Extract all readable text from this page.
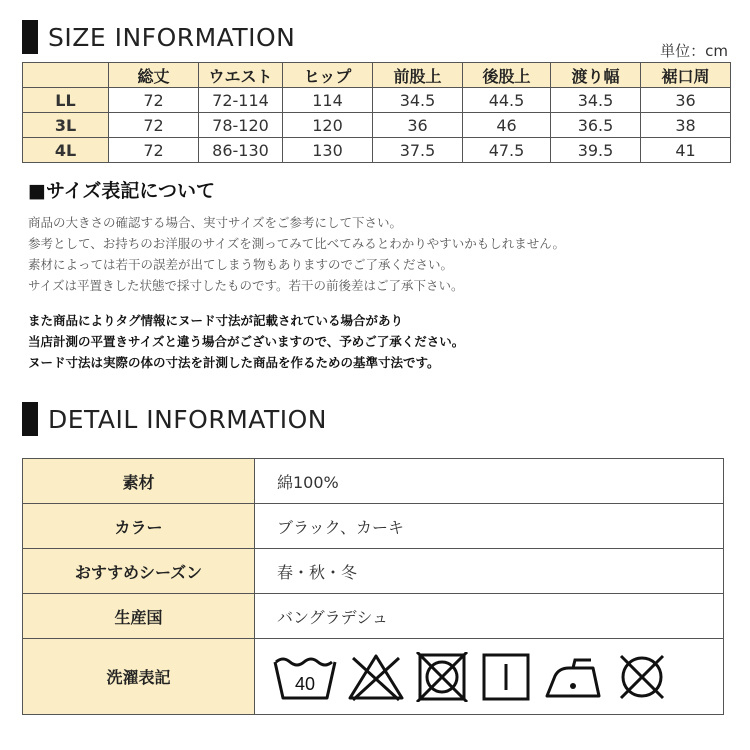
SIZE INFORMATION	単位：cm
	総丈	ウエスト	ヒップ	前股上	後股上	渡り幅	裾口周
LL	72	72-114	114	34.5	44.5	34.5	36
3L	72	78-120	120	36	46	36.5	38
4L	72	86-130	130	37.5	47.5	39.5	41
■サイズ表記について

商品の大きさの確認する場合、実寸サイズをご参考にして下さい。

参考として、お持ちのお洋服のサイズを測ってみて比べてみるとわかりやすいかもしれません。

素材によっては若干の誤差が出てしまう物もありますのでご了承ください。

サイズは平置きした状態で採寸したものです。若干の前後差はご了承下さい。

また商品によりタグ情報にヌード寸法が記載されている場合があり

当店計測の平置きサイズと違う場合がございますので、予めご了承ください。

ヌード寸法は実際の体の寸法を計測した商品を作るための基準寸法です。

DETAIL INFORMATION
素材	綿100%
カラー	ブラック、カーキ
おすすめシーズン	春・秋・冬
生産国	バングラデシュ
洗濯表記	40
